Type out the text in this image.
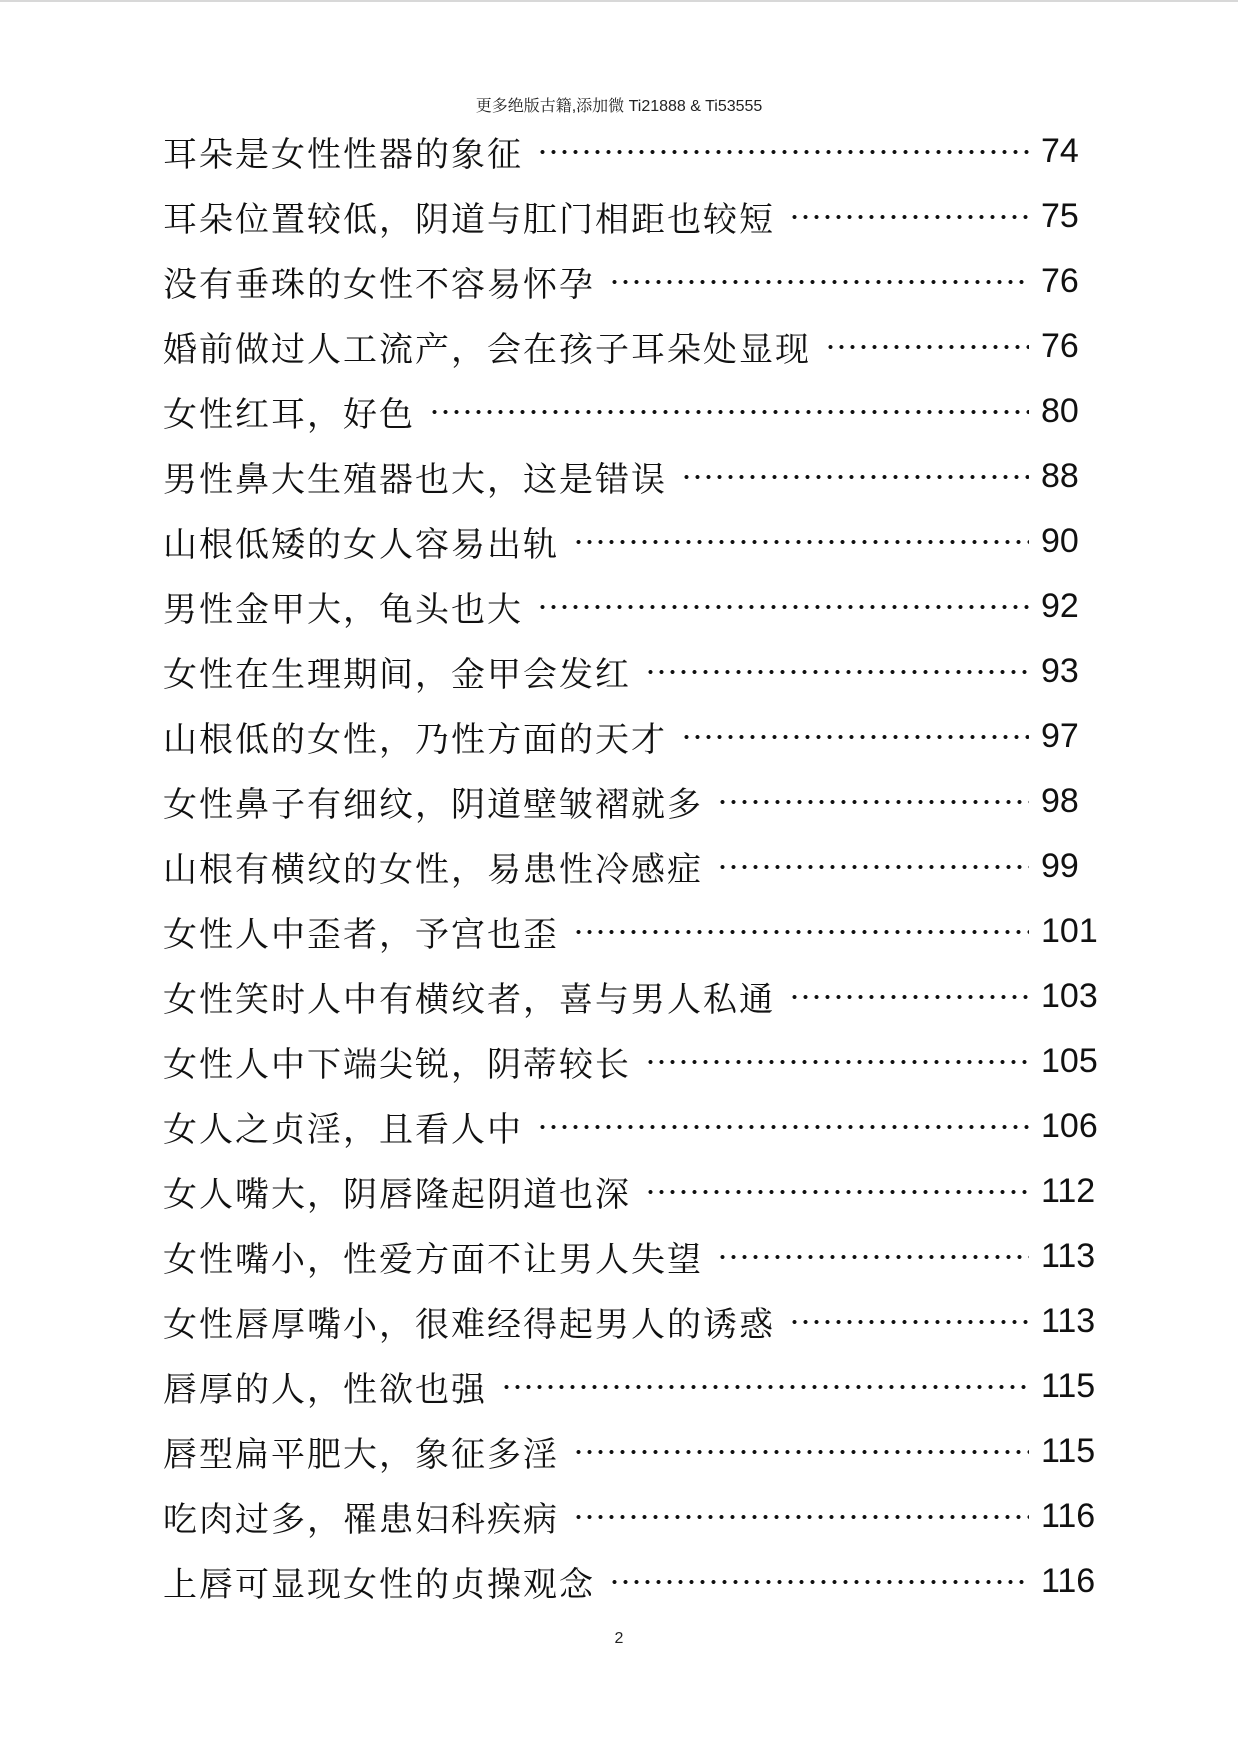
更多绝版古籍,添加微 Ti21888 & Ti53555
耳朵是女性性器的象征	74
耳朵位置较低，阴道与肛门相距也较短	75
没有垂珠的女性不容易怀孕	76
婚前做过人工流产，会在孩子耳朵处显现	76
女性红耳，好色	80
男性鼻大生殖器也大，这是错误	88
山根低矮的女人容易出轨	90
男性金甲大，龟头也大	92
女性在生理期间，金甲会发红	93
山根低的女性，乃性方面的天才	97
女性鼻子有细纹，阴道壁皱褶就多	98
山根有横纹的女性，易患性冷感症	99
女性人中歪者，予宫也歪	101
女性笑时人中有横纹者，喜与男人私通	103
女性人中下端尖锐，阴蒂较长	105
女人之贞淫，且看人中	106
女人嘴大，阴唇隆起阴道也深	112
女性嘴小，性爱方面不让男人失望	113
女性唇厚嘴小，很难经得起男人的诱惑	113
唇厚的人，性欲也强	115
唇型扁平肥大，象征多淫	115
吃肉过多，罹患妇科疾病	116
上唇可显现女性的贞操观念	116
2
